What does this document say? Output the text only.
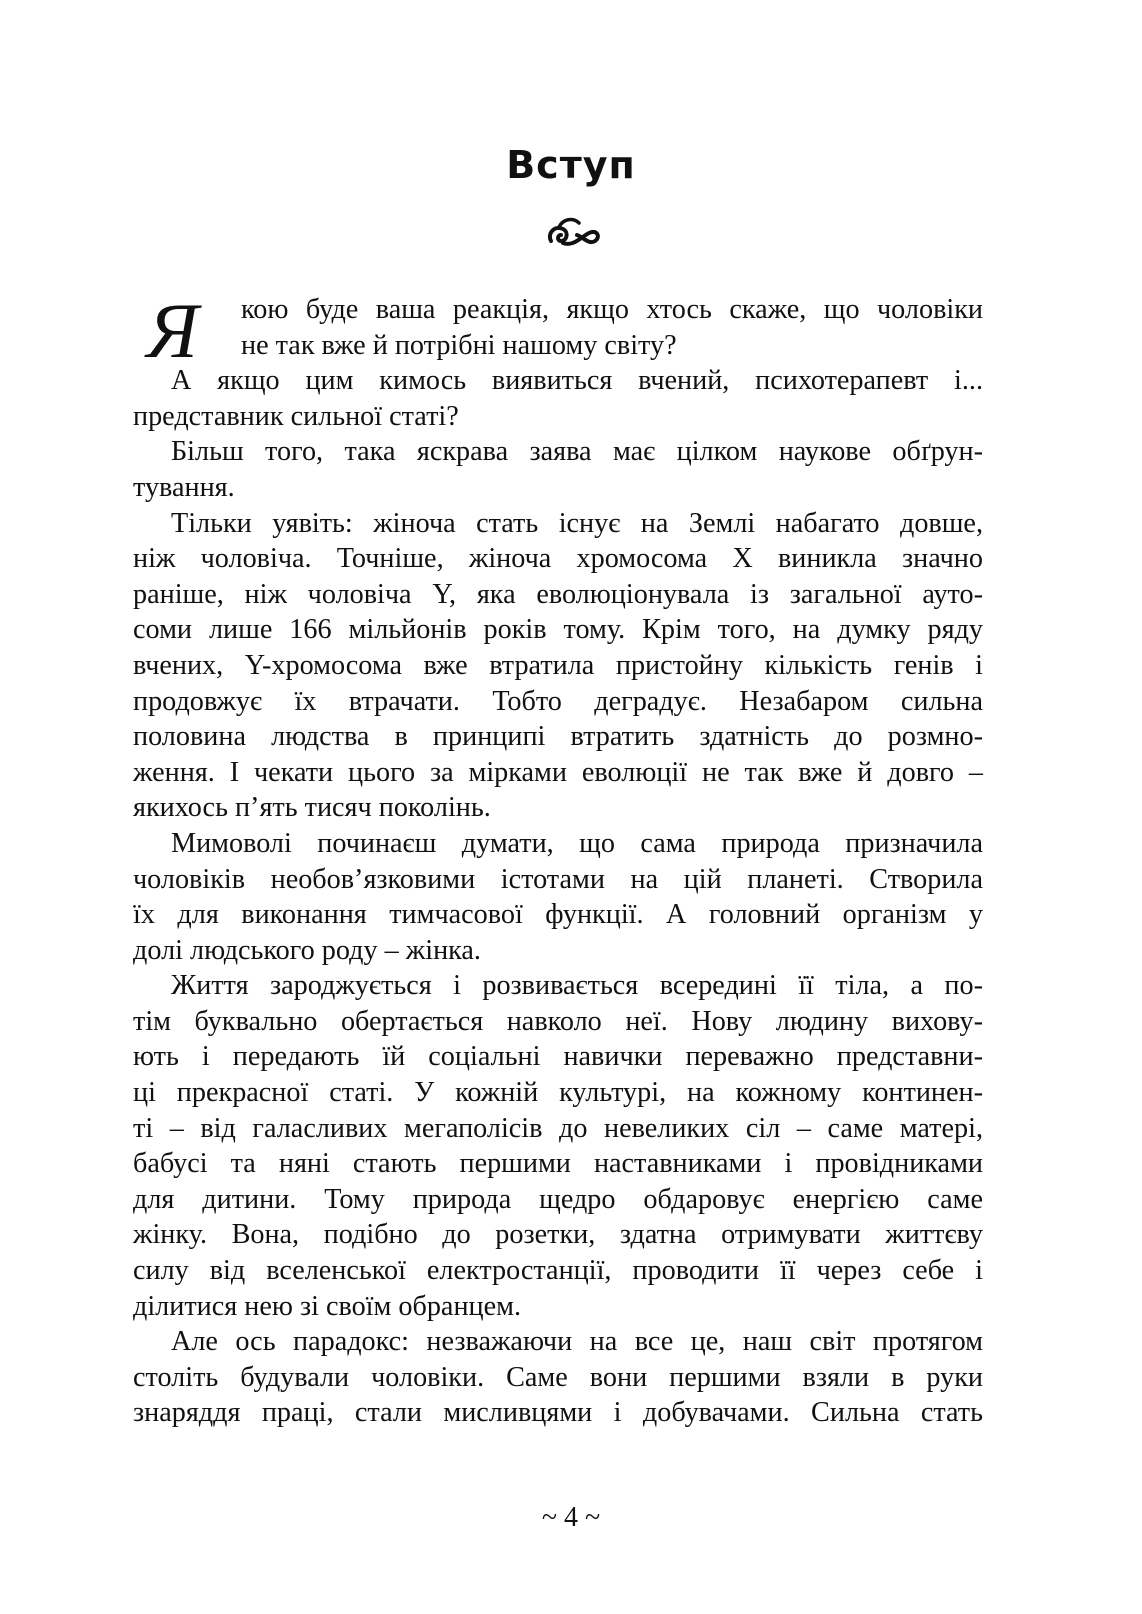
Вступ
Я	кою буде ваша реакція, якщо хтось скаже, що чоловіки
не так вже й потрібні нашому світу?
А якщо цим кимось виявиться вчений, психотерапевт і...
представник сильної статі?
Більш того, така яскрава заява має цілком наукове обґрун-
тування.
Тільки уявіть: жіноча стать існує на Землі набагато довше,
ніж чоловіча. Точніше, жіноча хромосома X виникла значно
раніше, ніж чоловіча Y, яка еволюціонувала із загальної ауто-
соми лише 166 мільйонів років тому. Крім того, на думку ряду
вчених, Y-хромосома вже втратила пристойну кількість генів і
продовжує їх втрачати. Тобто деградує. Незабаром сильна
половина людства в принципі втратить здатність до розмно-
ження. І чекати цього за мірками еволюції не так вже й довго –
якихось п’ять тисяч поколінь.
Мимоволі починаєш думати, що сама природа призначила
чоловіків необов’язковими істотами на цій планеті. Створила
їх для виконання тимчасової функції. А головний організм у
долі людського роду – жінка.
Життя зароджується і розвивається всередині її тіла, а по-
тім буквально обертається навколо неї. Нову людину вихову-
ють і передають їй соціальні навички переважно представни-
ці прекрасної статі. У кожній культурі, на кожному континен-
ті – від галасливих мегаполісів до невеликих сіл – саме матері,
бабусі та няні стають першими наставниками і провідниками
для дитини. Тому природа щедро обдаровує енергією саме
жінку. Вона, подібно до розетки, здатна отримувати життєву
силу від вселенської електростанції, проводити її через себе і
ділитися нею зі своїм обранцем.
Але ось парадокс: незважаючи на все це, наш світ протягом
століть будували чоловіки. Саме вони першими взяли в руки
знаряддя праці, стали мисливцями і добувачами. Сильна стать
~ 4 ~
